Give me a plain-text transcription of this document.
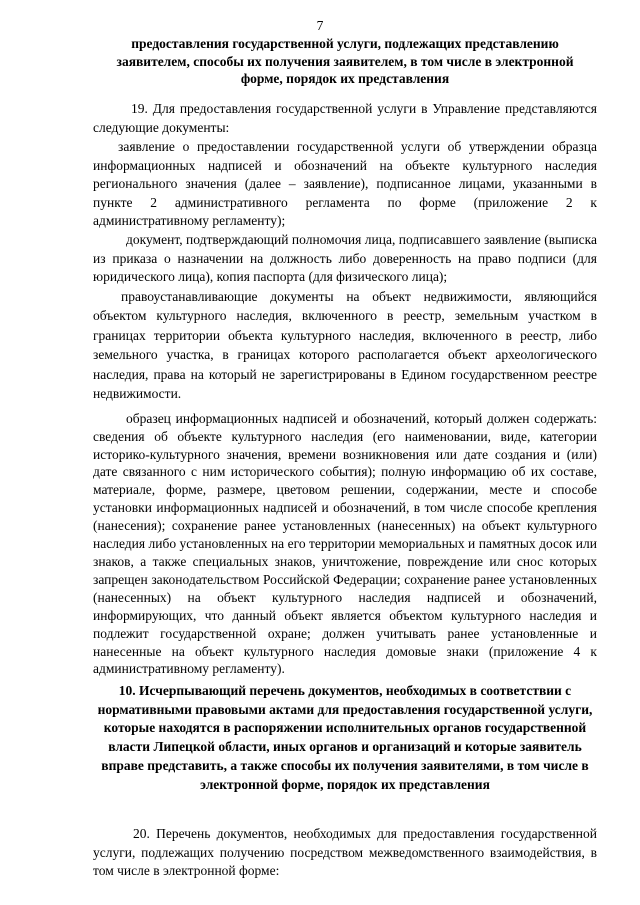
7
предоставления государственной услуги, подлежащих представлению заявителем, способы их получения заявителем, в том числе в электронной форме, порядок их представления

19. Для предоставления государственной услуги в Управление представляются следующие документы:

заявление о предоставлении государственной услуги об утверждении образца информационных надписей и обозначений на объекте культурного наследия регионального значения (далее – заявление), подписанное лицами, указанными в пункте 2 административного регламента по форме (приложение 2 к административному регламенту);

документ, подтверждающий полномочия лица, подписавшего заявление (выписка из приказа о назначении на должность либо доверенность на право подписи (для юридического лица), копия паспорта (для физического лица);

правоустанавливающие документы на объект недвижимости, являющийся объектом культурного наследия, включенного в реестр, земельным участком в границах территории объекта культурного наследия, включенного в реестр, либо земельного участка, в границах которого располагается объект археологического наследия, права на который не зарегистрированы в Едином государственном реестре недвижимости.

образец информационных надписей и обозначений, который должен содержать: сведения об объекте культурного наследия (его наименовании, виде, категории историко-культурного значения, времени возникновения или дате создания и (или) дате связанного с ним исторического события); полную информацию об их составе, материале, форме, размере, цветовом решении, содержании, месте и способе установки информационных надписей и обозначений, в том числе способе крепления (нанесения); сохранение ранее установленных (нанесенных) на объект культурного наследия либо установленных на его территории мемориальных и памятных досок или знаков, а также специальных знаков, уничтожение, повреждение или снос которых запрещен законодательством Российской Федерации; сохранение ранее установленных (нанесенных) на объект культурного наследия надписей и обозначений, информирующих, что данный объект является объектом культурного наследия и подлежит государственной охране; должен учитывать ранее установленные и нанесенные на объект культурного наследия домовые знаки (приложение 4 к административному регламенту).

10. Исчерпывающий перечень документов, необходимых в соответствии с нормативными правовыми актами для предоставления государственной услуги, которые находятся в распоряжении исполнительных органов государственной власти Липецкой области, иных органов и организаций и которые заявитель вправе представить, а также способы их получения заявителями, в том числе в электронной форме, порядок их представления

20. Перечень документов, необходимых для предоставления государственной услуги, подлежащих получению посредством межведомственного взаимодействия, в том числе в электронной форме:
